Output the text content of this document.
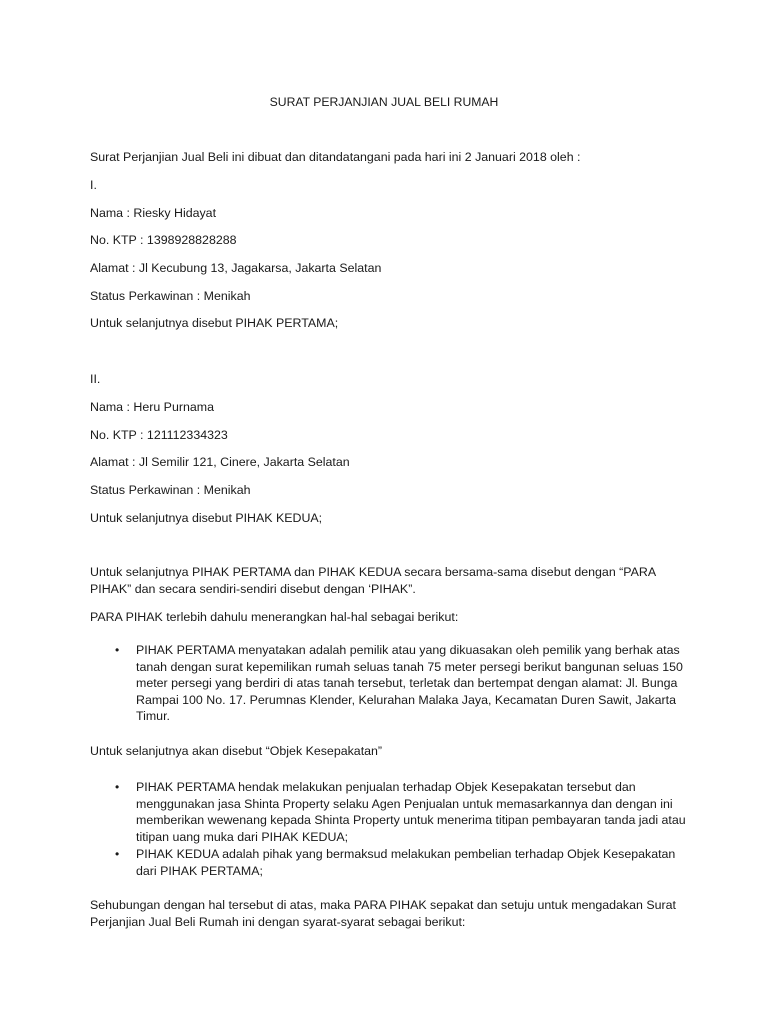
SURAT PERJANJIAN JUAL BELI RUMAH
Surat Perjanjian Jual Beli ini dibuat dan ditandatangani pada hari ini 2 Januari 2018 oleh :
I.
Nama : Riesky Hidayat
No. KTP : 1398928828288
Alamat : Jl Kecubung 13, Jagakarsa, Jakarta Selatan
Status Perkawinan : Menikah
Untuk selanjutnya disebut PIHAK PERTAMA;
II.
Nama : Heru Purnama
No. KTP : 121112334323
Alamat : Jl Semilir 121, Cinere, Jakarta Selatan
Status Perkawinan : Menikah
Untuk selanjutnya disebut PIHAK KEDUA;
Untuk selanjutnya PIHAK PERTAMA dan PIHAK KEDUA secara bersama-sama disebut dengan “PARA PIHAK” dan secara sendiri-sendiri disebut dengan ‘PIHAK”.
PARA PIHAK terlebih dahulu menerangkan hal-hal sebagai berikut:
• PIHAK PERTAMA menyatakan adalah pemilik atau yang dikuasakan oleh pemilik yang berhak atas tanah dengan surat kepemilikan rumah seluas tanah 75 meter persegi berikut bangunan seluas 150 meter persegi yang berdiri di atas tanah tersebut, terletak dan bertempat dengan alamat: Jl. Bunga Rampai 100 No. 17. Perumnas Klender, Kelurahan Malaka Jaya, Kecamatan Duren Sawit, Jakarta Timur.
Untuk selanjutnya akan disebut “Objek Kesepakatan”
• PIHAK PERTAMA hendak melakukan penjualan terhadap Objek Kesepakatan tersebut dan menggunakan jasa Shinta Property selaku Agen Penjualan untuk memasarkannya dan dengan ini memberikan wewenang kepada Shinta Property untuk menerima titipan pembayaran tanda jadi atau titipan uang muka dari PIHAK KEDUA;
• PIHAK KEDUA adalah pihak yang bermaksud melakukan pembelian terhadap Objek Kesepakatan dari PIHAK PERTAMA;
Sehubungan dengan hal tersebut di atas, maka PARA PIHAK sepakat dan setuju untuk mengadakan Surat Perjanjian Jual Beli Rumah ini dengan syarat-syarat sebagai berikut:
